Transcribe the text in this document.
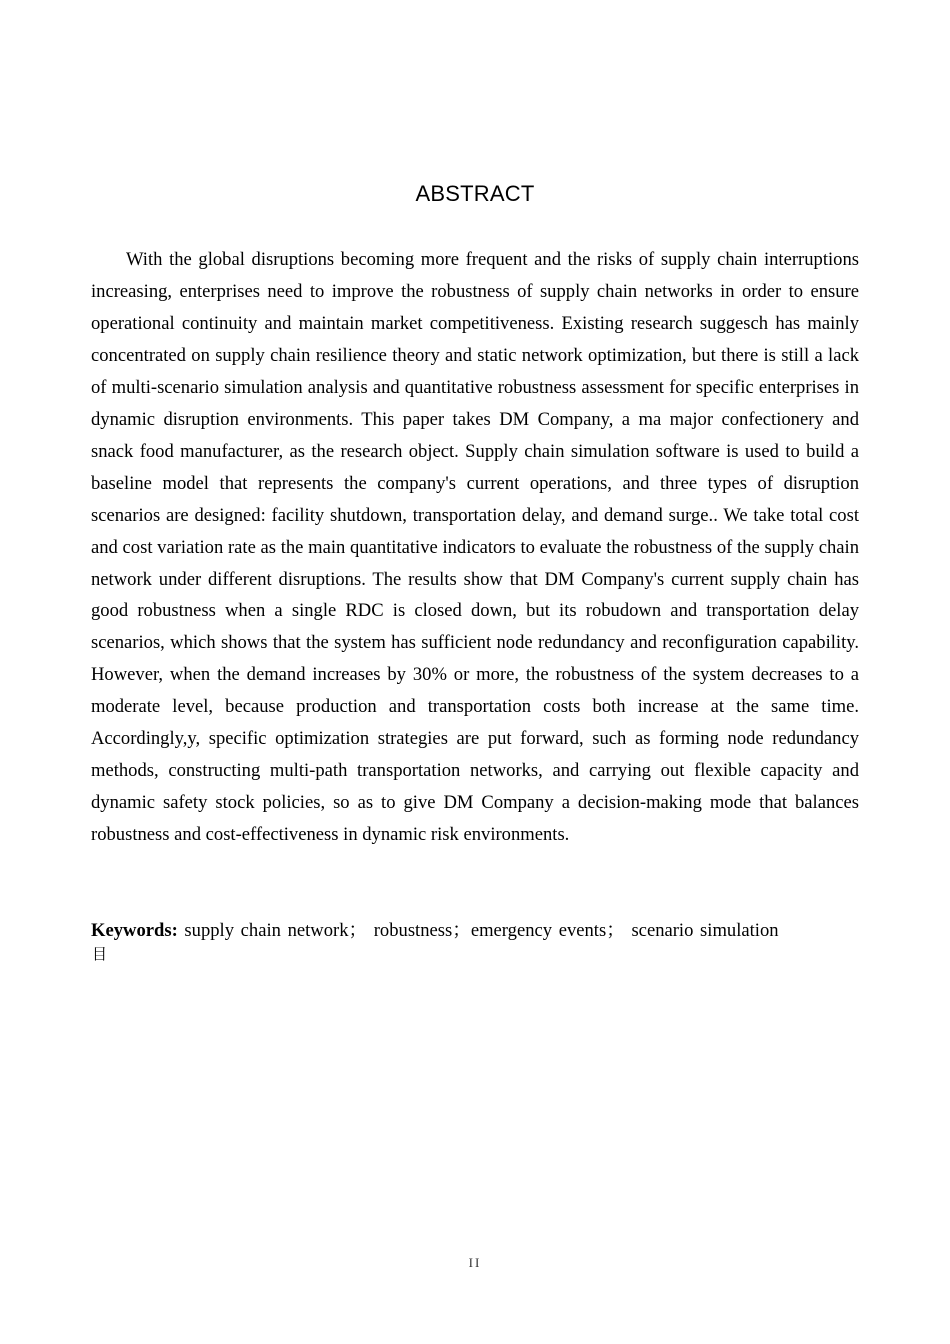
ABSTRACT

With the global disruptions becoming more frequent and the risks of supply chain interruptions increasing, enterprises need to improve the robustness of supply chain networks in order to ensure operational continuity and maintain market competitiveness. Existing research suggesch has mainly concentrated on supply chain resilience theory and static network optimization, but there is still a lack of multi-scenario simulation analysis and quantitative robustness assessment for specific enterprises in dynamic disruption environments. This paper takes DM Company, a ma major confectionery and snack food manufacturer, as the research object. Supply chain simulation software is used to build a baseline model that represents the company's current operations, and three types of disruption scenarios are designed: facility shutdown, transportation delay, and demand surge.. We take total cost and cost variation rate as the main quantitative indicators to evaluate the robustness of the supply chain network under different disruptions. The results show that DM Company's current supply chain has good robustness when a single RDC is closed down, but its robudown and transportation delay scenarios, which shows that the system has sufficient node redundancy and reconfiguration capability. However, when the demand increases by 30% or more, the robustness of the system decreases to a moderate level, because production and transportation costs both increase at the same time. Accordingly,y, specific optimization strategies are put forward, such as forming node redundancy methods, constructing multi-path transportation networks, and carrying out flexible capacity and dynamic safety stock policies, so as to give DM Company a decision-making mode that balances robustness and cost-effectiveness in dynamic risk environments.

Keywords: supply chain network； robustness；emergency events； scenario simulation
目
II
